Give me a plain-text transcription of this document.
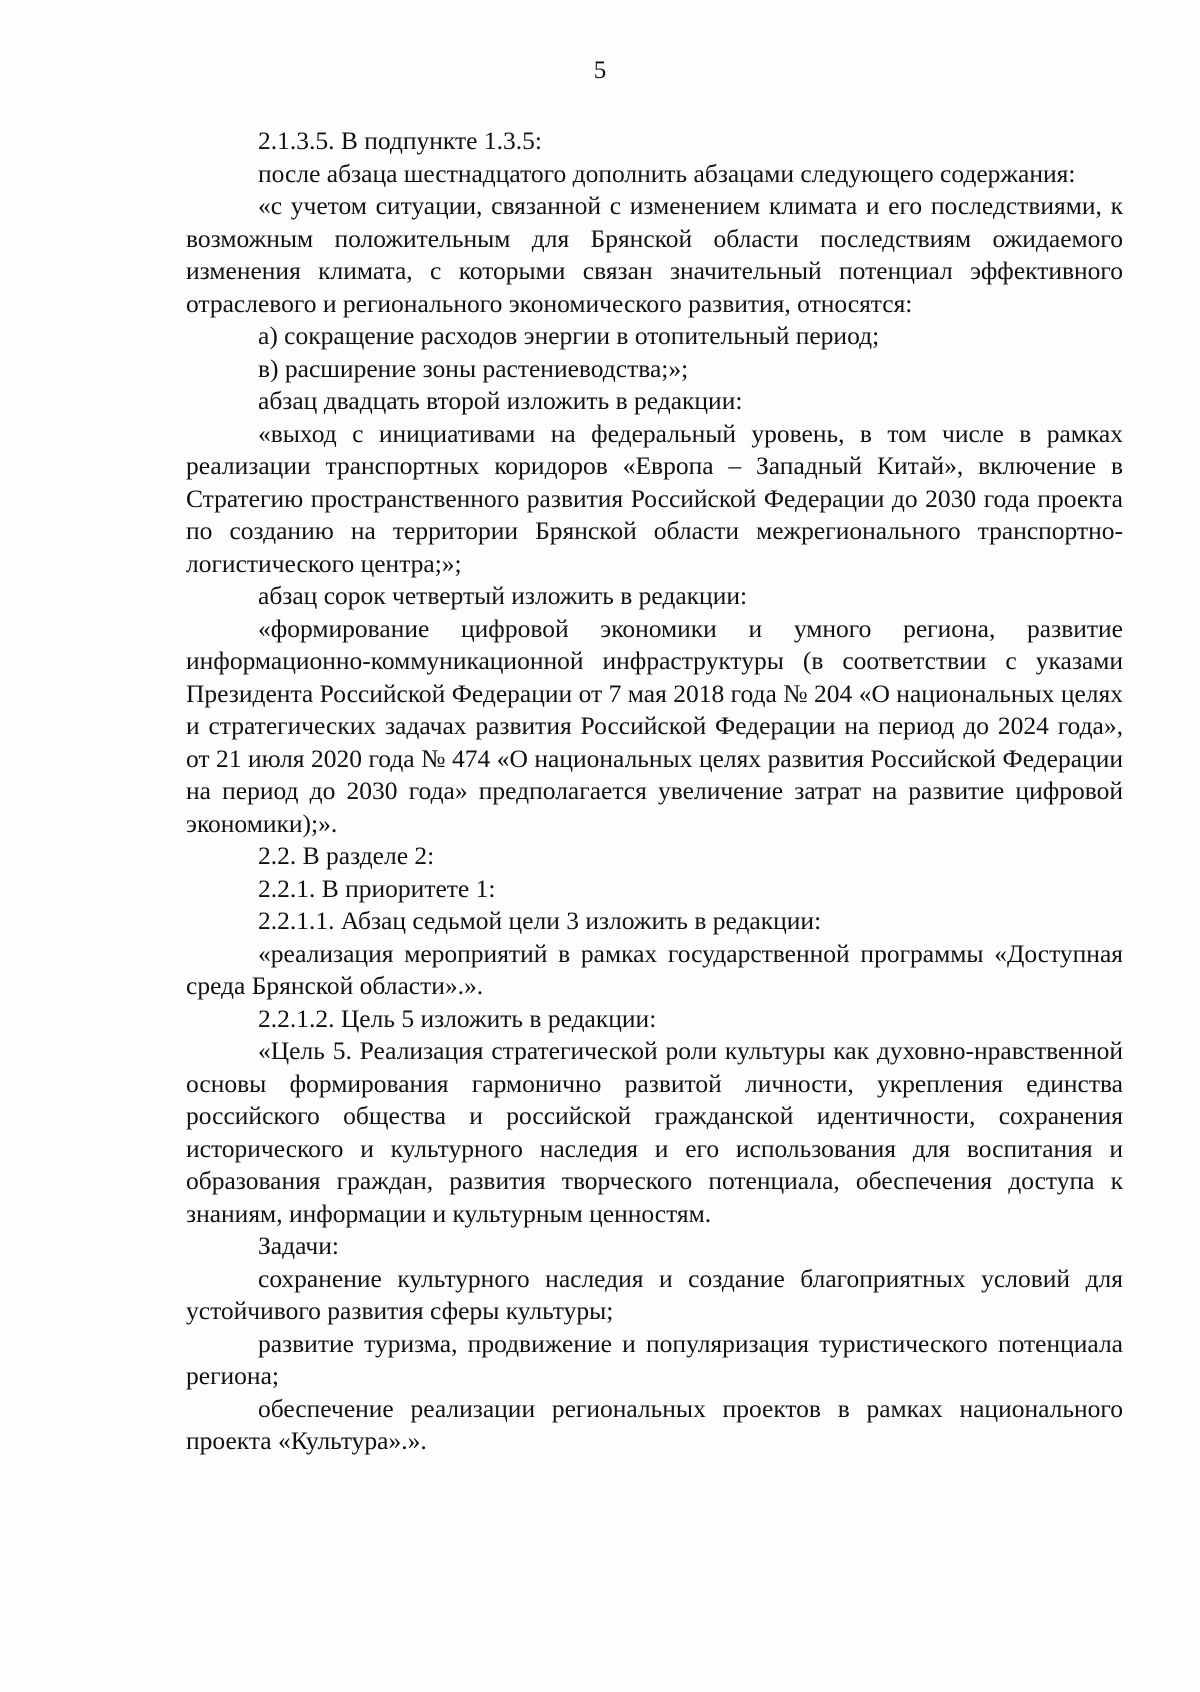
5

2.1.3.5. В подпункте 1.3.5:

после абзаца шестнадцатого дополнить абзацами следующего содержания:

«с учетом ситуации, связанной с изменением климата и его последствиями, к возможным положительным для Брянской области последствиям ожидаемого изменения климата, с которыми связан значительный потенциал эффективного отраслевого и регионального экономического развития, относятся:

а) сокращение расходов энергии в отопительный период;

в) расширение зоны растениеводства;»;

абзац двадцать второй изложить в редакции:

«выход с инициативами на федеральный уровень, в том числе в рамках реализации транспортных коридоров «Европа – Западный Китай», включение в Стратегию пространственного развития Российской Федерации до 2030 года проекта по созданию на территории Брянской области межрегионального транспортно-логистического центра;»;

абзац сорок четвертый изложить в редакции:

«формирование цифровой экономики и умного региона, развитие информационно-коммуникационной инфраструктуры (в соответствии с указами Президента Российской Федерации от 7 мая 2018 года № 204 «О национальных целях и стратегических задачах развития Российской Федерации на период до 2024 года», от 21 июля 2020 года № 474 «О национальных целях развития Российской Федерации на период до 2030 года» предполагается увеличение затрат на развитие цифровой экономики);».

2.2. В разделе 2:

2.2.1. В приоритете 1:

2.2.1.1. Абзац седьмой цели 3 изложить в редакции:

«реализация мероприятий в рамках государственной программы «Доступная среда Брянской области».».

2.2.1.2. Цель 5 изложить в редакции:

«Цель 5. Реализация стратегической роли культуры как духовно-нравственной основы формирования гармонично развитой личности, укрепления единства российского общества и российской гражданской идентичности, сохранения исторического и культурного наследия и его использования для воспитания и образования граждан, развития творческого потенциала, обеспечения доступа к знаниям, информации и культурным ценностям.

Задачи:

сохранение культурного наследия и создание благоприятных условий для устойчивого развития сферы культуры;

развитие туризма, продвижение и популяризация туристического потенциала региона;

обеспечение реализации региональных проектов в рамках национального проекта «Культура».».
